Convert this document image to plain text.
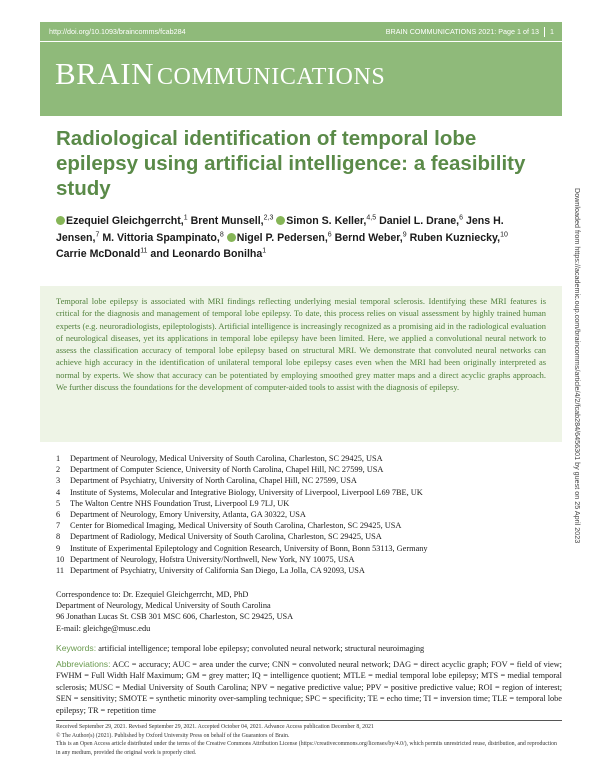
http://doi.org/10.1093/braincomms/fcab284	BRAIN COMMUNICATIONS 2021: Page 1 of 13 1
BRAIN COMMUNICATIONS
Radiological identification of temporal lobe epilepsy using artificial intelligence: a feasibility study
Ezequiel Gleichgerrcht,$^1$ Brent Munsell,$^{2,3}$ Simon S. Keller,$^{4,5}$ Daniel L. Drane,$^6$ Jens H. Jensen,$^7$ M. Vittoria Spampinato,$^8$ Nigel P. Pedersen,$^6$ Bernd Weber,$^9$ Ruben Kuzniecky,$^{10}$ Carrie McDonald$^{11}$ and Leonardo Bonilha$^1$	Downloaded from https://academic.oup.com/braincomms/article/4/2/fcab284/6456301 by guest on 25 April 2023

Temporal lobe epilepsy is associated with MRI findings reflecting underlying mesial temporal sclerosis. Identifying these MRI features is critical for the diagnosis and management of temporal lobe epilepsy. To date, this process relies on visual assessment by highly trained human experts (e.g. neuroradiologists, epileptologists). Artificial intelligence is increasingly recognized as a promising aid in the radiological evaluation of neurological diseases, yet its applications in temporal lobe epilepsy have been limited. Here, we applied a convolutional neural network to assess the classification accuracy of temporal lobe epilepsy based on structural MRI. We demonstrate that convoluted neural networks can achieve high accuracy in the identification of unilateral temporal lobe epilepsy cases even when the MRI had been originally interpreted as normal by experts. We show that accuracy can be potentiated by employing smoothed grey matter maps and a direct acyclic graphs approach. We further discuss the foundations for the development of computer-aided tools to assist with the diagnosis of epilepsy.

1	Department of Neurology, Medical University of South Carolina, Charleston, SC 29425, USA
2	Department of Computer Science, University of North Carolina, Chapel Hill, NC 27599, USA
3	Department of Psychiatry, University of North Carolina, Chapel Hill, NC 27599, USA
4	Institute of Systems, Molecular and Integrative Biology, University of Liverpool, Liverpool L69 7BE, UK
5	The Walton Centre NHS Foundation Trust, Liverpool L9 7LJ, UK
6	Department of Neurology, Emory University, Atlanta, GA 30322, USA
7	Center for Biomedical Imaging, Medical University of South Carolina, Charleston, SC 29425, USA
8	Department of Radiology, Medical University of South Carolina, Charleston, SC 29425, USA
9	Institute of Experimental Epileptology and Cognition Research, University of Bonn, Bonn 53113, Germany
10 Department of Neurology, Hofstra University/Northwell, New York, NY 10075, USA
11 Department of Psychiatry, University of California San Diego, La Jolla, CA 92093, USA
Correspondence to: Dr. Ezequiel Gleichgerrcht, MD, PhD
Department of Neurology, Medical University of South Carolina
96 Jonathan Lucas St. CSB 301 MSC 606, Charleston, SC 29425, USA
E-mail: gleichge@musc.edu
Keywords: artificial intelligence; temporal lobe epilepsy; convoluted neural network; structural neuroimaging
Abbreviations: ACC = accuracy; AUC = area under the curve; CNN = convoluted neural network; DAG = direct acyclic graph; FOV = field of view; FWHM = Full Width Half Maximum; GM = grey matter; IQ = intelligence quotient; MTLE = medial temporal lobe epilepsy; MTS = medial temporal sclerosis; MUSC = Medial University of South Carolina; NPV = negative predictive value; PPV = positive predictive value; ROI = region of interest; SEN = sensitivity; SMOTE = synthetic minority over-sampling technique; SPC = specificity; TE = echo time; TI = inversion time; TLE = temporal lobe epilepsy; TR = repetition time
Received September 29, 2021. Revised September 29, 2021. Accepted October 04, 2021. Advance Access publication December 8, 2021
© The Author(s) (2021). Published by Oxford University Press on behalf of the Guarantors of Brain.
This is an Open Access article distributed under the terms of the Creative Commons Attribution License (https://creativecommons.org/licenses/by/4.0/), which permits unrestricted reuse, distribution, and reproduction in any medium, provided the original work is properly cited.
